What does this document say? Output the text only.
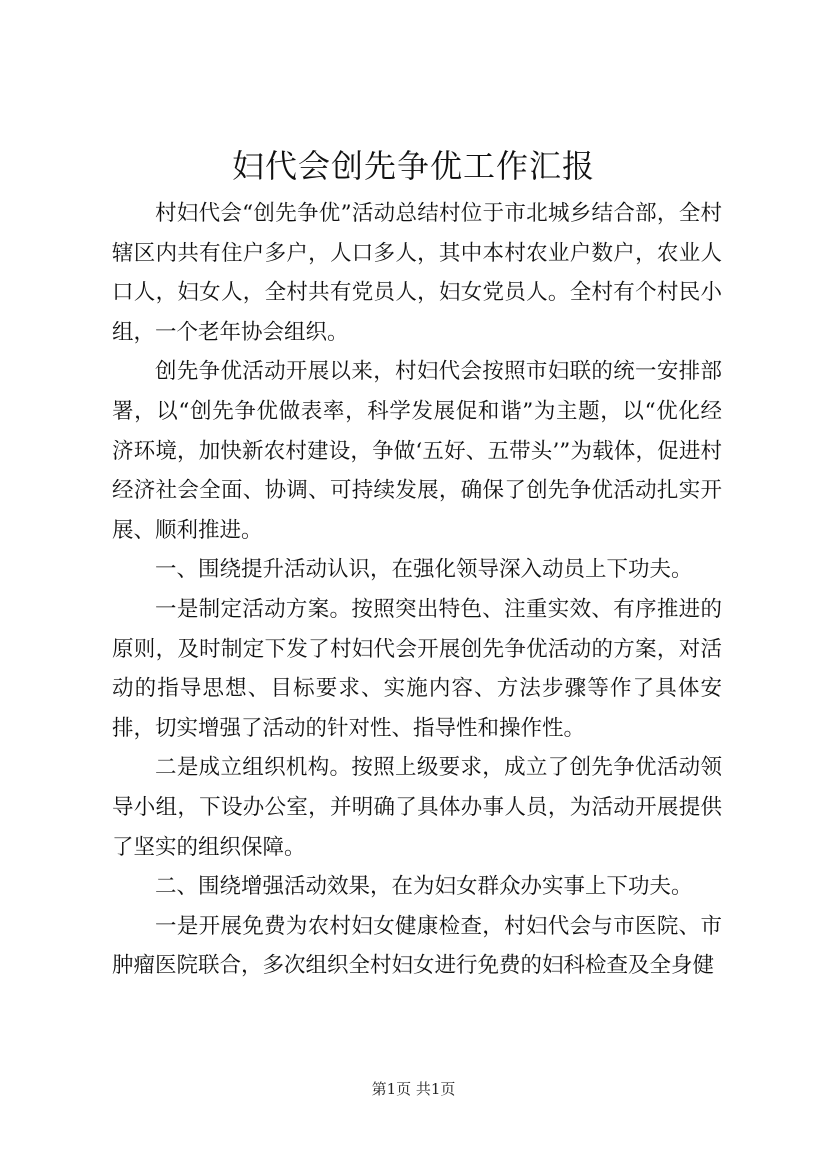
妇代会创先争优工作汇报

村妇代会“创先争优”活动总结村位于市北城乡结合部，全村辖区内共有住户多户，人口多人，其中本村农业户数户，农业人口人，妇女人，全村共有党员人，妇女党员人。全村有个村民小组，一个老年协会组织。

创先争优活动开展以来，村妇代会按照市妇联的统一安排部署，以“创先争优做表率，科学发展促和谐”为主题，以“优化经济环境，加快新农村建设，争做‘五好、五带头’”为载体，促进村经济社会全面、协调、可持续发展，确保了创先争优活动扎实开展、顺利推进。

一、围绕提升活动认识，在强化领导深入动员上下功夫。

一是制定活动方案。按照突出特色、注重实效、有序推进的原则，及时制定下发了村妇代会开展创先争优活动的方案，对活动的指导思想、目标要求、实施内容、方法步骤等作了具体安排，切实增强了活动的针对性、指导性和操作性。

二是成立组织机构。按照上级要求，成立了创先争优活动领导小组，下设办公室，并明确了具体办事人员，为活动开展提供了坚实的组织保障。

二、围绕增强活动效果，在为妇女群众办实事上下功夫。

一是开展免费为农村妇女健康检查，村妇代会与市医院、市肿瘤医院联合，多次组织全村妇女进行免费的妇科检查及全身健

第1页 共1页
